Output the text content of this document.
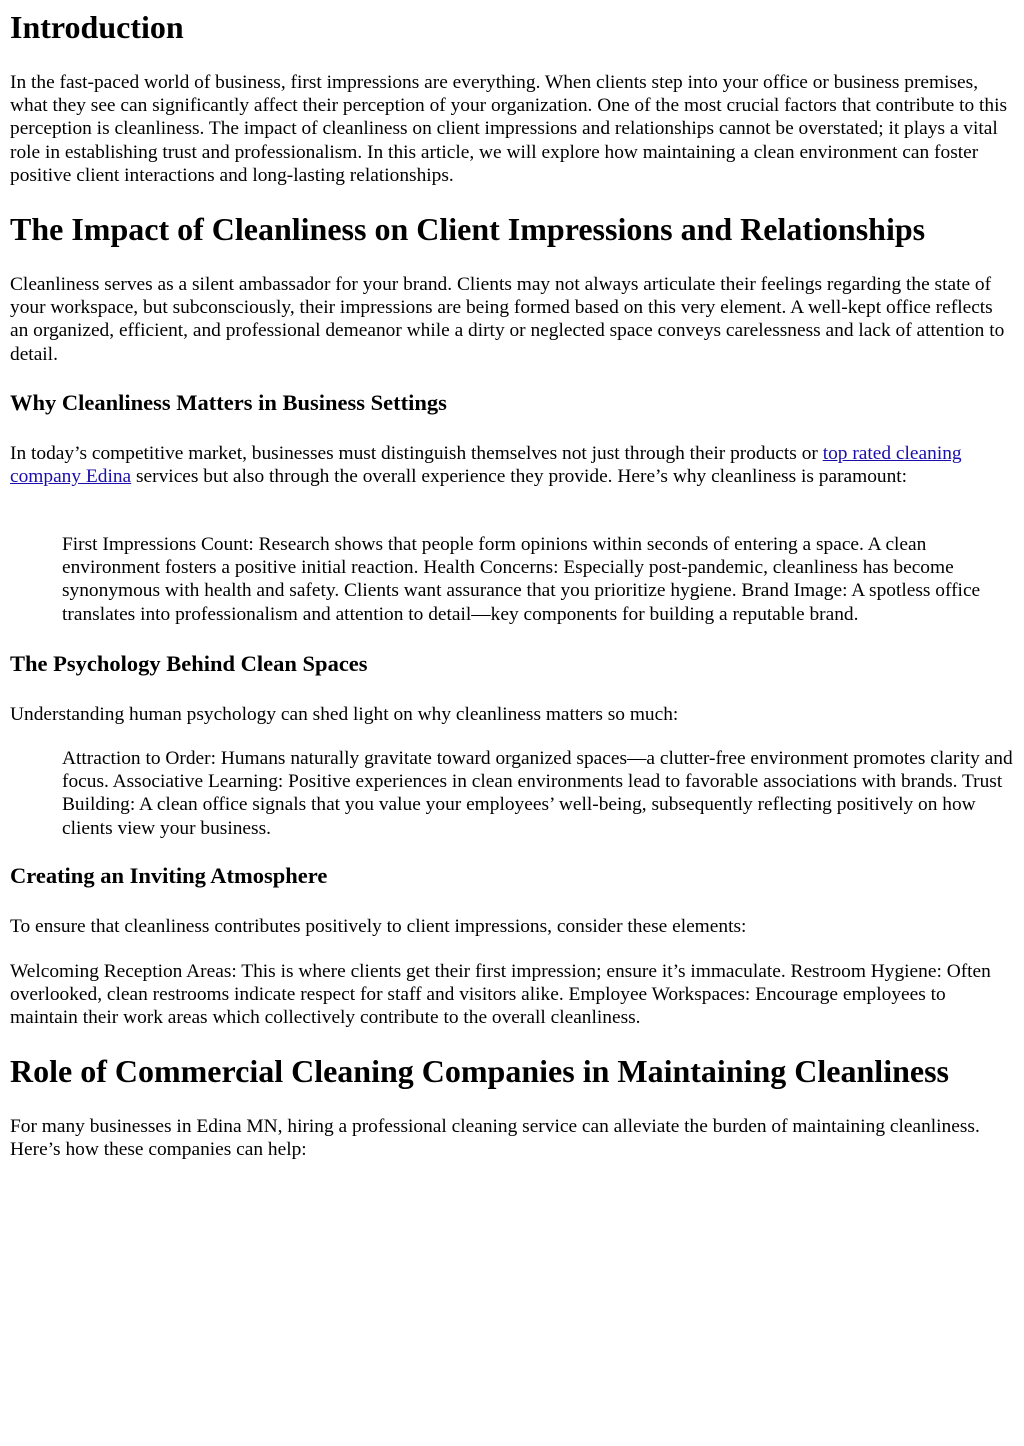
Introduction

In the fast-paced world of business, first impressions are everything. When clients step into your office or business premises, what they see can significantly affect their perception of your organization. One of the most crucial factors that contribute to this perception is cleanliness. The impact of cleanliness on client impressions and relationships cannot be overstated; it plays a vital role in establishing trust and professionalism. In this article, we will explore how maintaining a clean environment can foster positive client interactions and long-lasting relationships.

The Impact of Cleanliness on Client Impressions and Relationships

Cleanliness serves as a silent ambassador for your brand. Clients may not always articulate their feelings regarding the state of your workspace, but subconsciously, their impressions are being formed based on this very element. A well-kept office reflects an organized, efficient, and professional demeanor while a dirty or neglected space conveys carelessness and lack of attention to detail.

Why Cleanliness Matters in Business Settings

In today’s competitive market, businesses must distinguish themselves not just through their products or top rated cleaning company Edina services but also through the overall experience they provide. Here’s why cleanliness is paramount:

First Impressions Count: Research shows that people form opinions within seconds of entering a space. A clean environment fosters a positive initial reaction. Health Concerns: Especially post-pandemic, cleanliness has become synonymous with health and safety. Clients want assurance that you prioritize hygiene. Brand Image: A spotless office translates into professionalism and attention to detail—key components for building a reputable brand.

The Psychology Behind Clean Spaces

Understanding human psychology can shed light on why cleanliness matters so much:

Attraction to Order: Humans naturally gravitate toward organized spaces—a clutter-free environment promotes clarity and focus. Associative Learning: Positive experiences in clean environments lead to favorable associations with brands. Trust Building: A clean office signals that you value your employees’ well-being, subsequently reflecting positively on how clients view your business.

Creating an Inviting Atmosphere

To ensure that cleanliness contributes positively to client impressions, consider these elements:

Welcoming Reception Areas: This is where clients get their first impression; ensure it’s immaculate. Restroom Hygiene: Often overlooked, clean restrooms indicate respect for staff and visitors alike. Employee Workspaces: Encourage employees to maintain their work areas which collectively contribute to the overall cleanliness.

Role of Commercial Cleaning Companies in Maintaining Cleanliness

For many businesses in Edina MN, hiring a professional cleaning service can alleviate the burden of maintaining cleanliness. Here’s how these companies can help:
